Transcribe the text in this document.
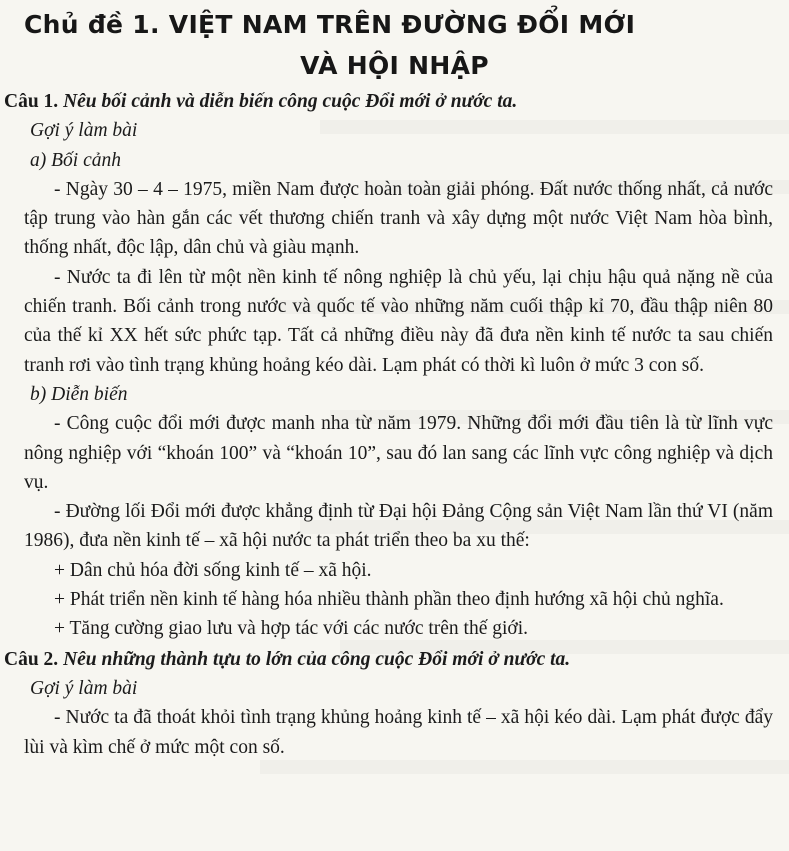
Chủ đề 1. VIỆT NAM TRÊN ĐƯỜNG ĐỔI MỚI
VÀ HỘI NHẬP

Câu 1. Nêu bối cảnh và diễn biến công cuộc Đổi mới ở nước ta.

Gợi ý làm bài

a) Bối cảnh

- Ngày 30 – 4 – 1975, miền Nam được hoàn toàn giải phóng. Đất nước thống nhất, cả nước tập trung vào hàn gắn các vết thương chiến tranh và xây dựng một nước Việt Nam hòa bình, thống nhất, độc lập, dân chủ và giàu mạnh.

- Nước ta đi lên từ một nền kinh tế nông nghiệp là chủ yếu, lại chịu hậu quả nặng nề của chiến tranh. Bối cảnh trong nước và quốc tế vào những năm cuối thập kỉ 70, đầu thập niên 80 của thế kỉ XX hết sức phức tạp. Tất cả những điều này đã đưa nền kinh tế nước ta sau chiến tranh rơi vào tình trạng khủng hoảng kéo dài. Lạm phát có thời kì luôn ở mức 3 con số.

b) Diễn biến

- Công cuộc đổi mới được manh nha từ năm 1979. Những đổi mới đầu tiên là từ lĩnh vực nông nghiệp với “khoán 100” và “khoán 10”, sau đó lan sang các lĩnh vực công nghiệp và dịch vụ.

- Đường lối Đổi mới được khẳng định từ Đại hội Đảng Cộng sản Việt Nam lần thứ VI (năm 1986), đưa nền kinh tế – xã hội nước ta phát triển theo ba xu thế:

+ Dân chủ hóa đời sống kinh tế – xã hội.

+ Phát triển nền kinh tế hàng hóa nhiều thành phần theo định hướng xã hội chủ nghĩa.

+ Tăng cường giao lưu và hợp tác với các nước trên thế giới.

Câu 2. Nêu những thành tựu to lớn của công cuộc Đổi mới ở nước ta.

Gợi ý làm bài

- Nước ta đã thoát khỏi tình trạng khủng hoảng kinh tế – xã hội kéo dài. Lạm phát được đẩy lùi và kìm chế ở mức một con số.
